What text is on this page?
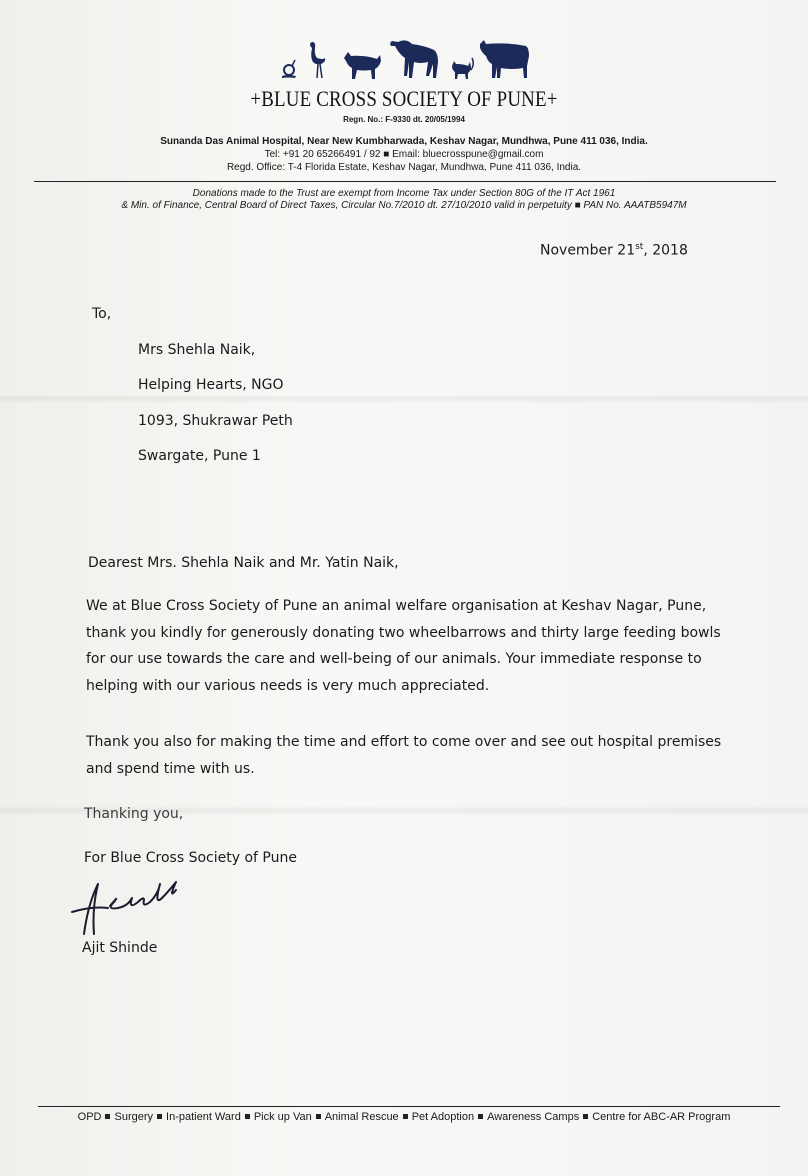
+BLUE CROSS SOCIETY OF PUNE+
Regn. No.: F-9330 dt. 20/05/1994
Sunanda Das Animal Hospital, Near New Kumbharwada, Keshav Nagar, Mundhwa, Pune 411 036, India.
Tel: +91 20 65266491 / 92 ■ Email: bluecrosspune@gmail.com
Regd. Office: T-4 Florida Estate, Keshav Nagar, Mundhwa, Pune 411 036, India.
Donations made to the Trust are exempt from Income Tax under Section 80G of the IT Act 1961
& Min. of Finance, Central Board of Direct Taxes, Circular No.7/2010 dt. 27/10/2010 valid in perpetuity ■ PAN No. AAATB5947M
November 21st, 2018
To,
Mrs Shehla Naik,
Helping Hearts, NGO
1093, Shukrawar Peth
Swargate, Pune 1
Dearest Mrs. Shehla Naik and Mr. Yatin Naik,
We at Blue Cross Society of Pune an animal welfare organisation at Keshav Nagar, Pune, thank you kindly for generously donating two wheelbarrows and thirty large feeding bowls for our use towards the care and well-being of our animals. Your immediate response to helping with our various needs is very much appreciated.
Thank you also for making the time and effort to come over and see out hospital premises and spend time with us.
Thanking you,
For Blue Cross Society of Pune
Ajit Shinde
OPD Surgery In-patient Ward Pick up Van Animal Rescue Pet Adoption Awareness Camps Centre for ABC-AR Program
